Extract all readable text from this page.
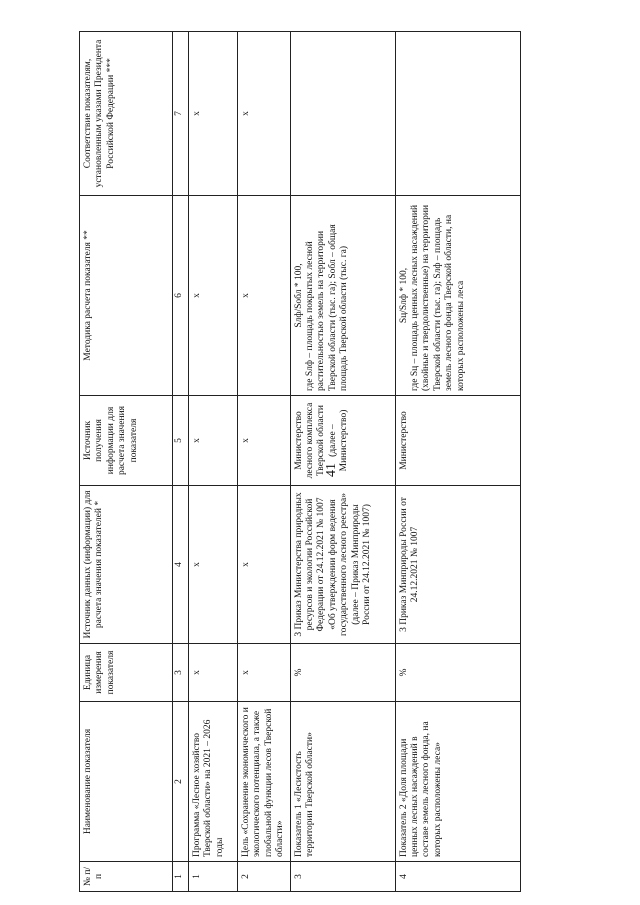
41
№ п/п	Наименование показателя	Единица измерения показателя	Источник данных (информации) для расчета значения показателей *	Источник получения информации для расчета значения показателя	Методика расчета показателя **	Соответствие показателям, установленным указами Президента Российской Федерации ***
1	2	3	4	5	6	7
1	Программа «Лесное хозяйство Тверской области» на 2021 – 2026 годы	х	х	х	х	х
2	Цель «Сохранение экономического и экологического потенциала, а также глобальной функции лесов Тверской области»	х	х	х	х	х
3	Показатель 1 «Лесистость территории Тверской области»	%	3 Приказ Министерства природных ресурсов и экологии Российской Федерации от 24.12.2021 № 1007 «Об утверждении форм ведения государственного лесного реестра» (далее – Приказ Минприроды России от 24.12.2021 № 1007)	Министерство лесного комплекса Тверской области (далее – Министерство)	Sлф/Sобл * 100, где Sлф – площадь покрытых лесной растительностью земель на территории Тверской области (тыс. га); Sобл – общая площадь Тверской области (тыс. га)	

4	Показатель 2 «Доля площади ценных лесных насаждений в составе земель лесного фонда, на которых расположены леса»	%	3 Приказ Минприроды России от 24.12.2021 № 1007	Министерство	Sц/Sлф * 100, где Sц – площадь ценных лесных насаждений (хвойные и твердолиственные) на территории Тверской области (тыс. га); Sлф – площадь земель лесного фонда Тверской области, на которых расположены леса	
